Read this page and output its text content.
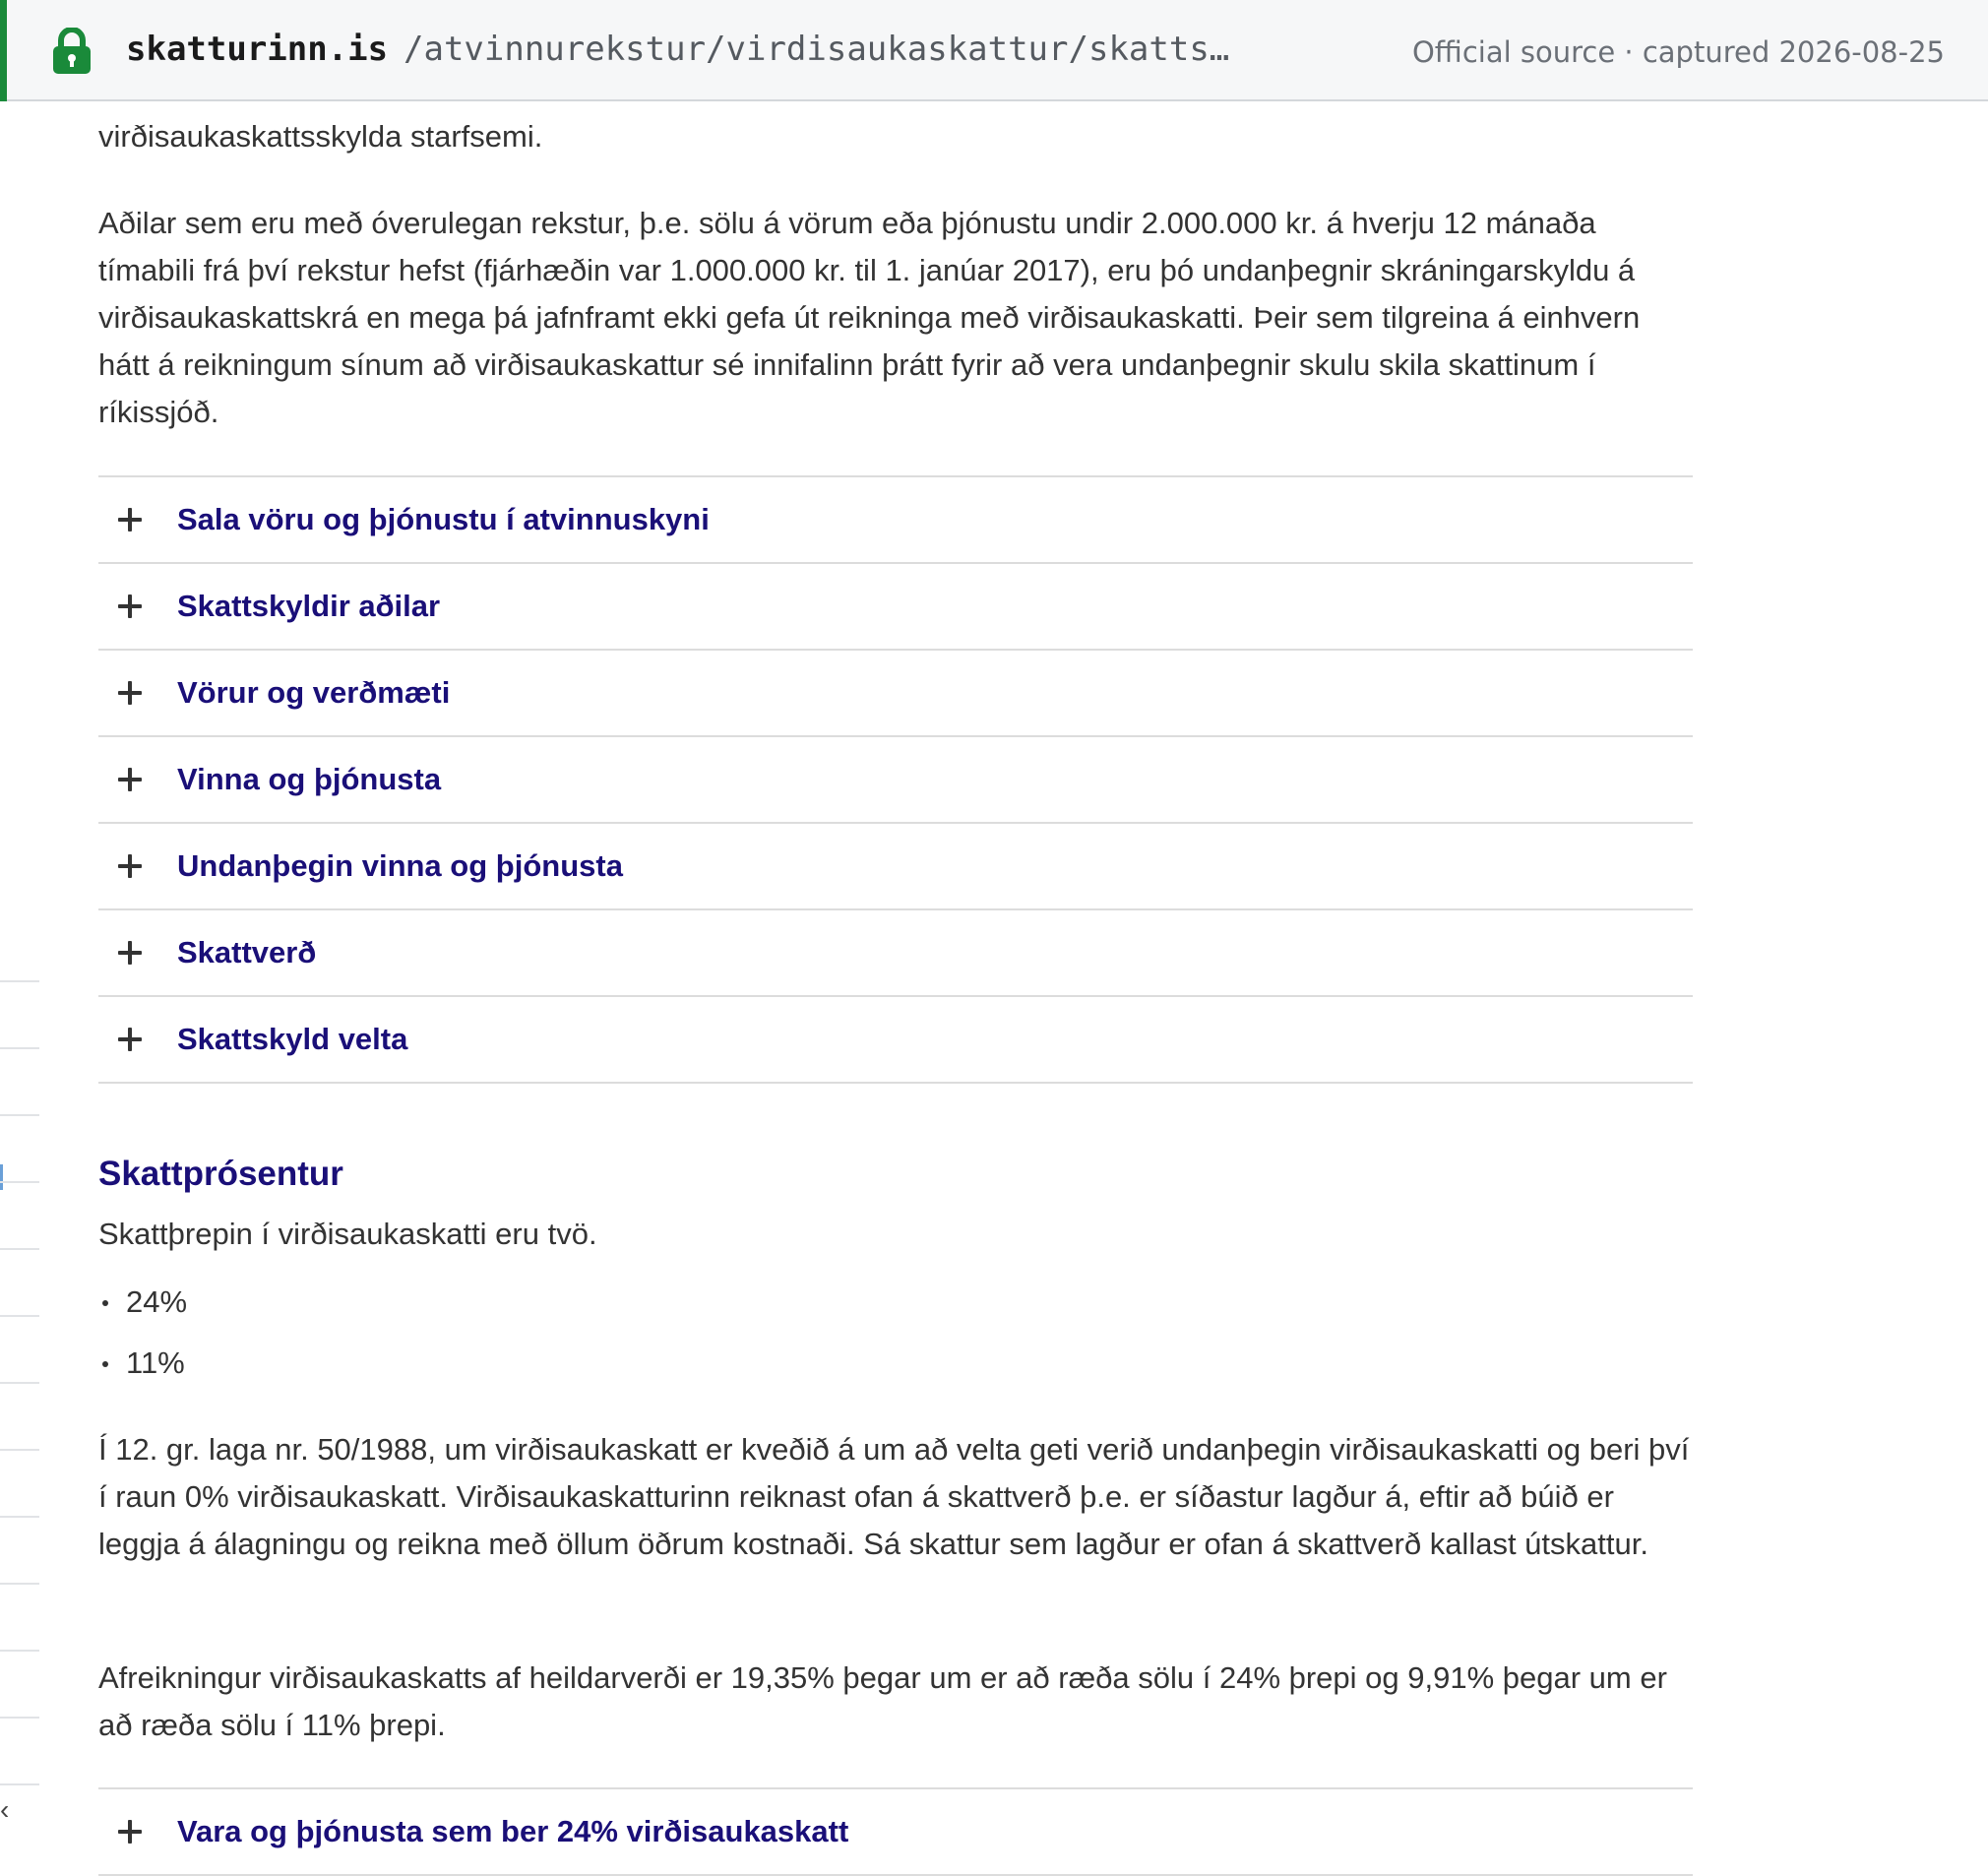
skatturinn.is /atvinnurekstur/virdisaukaskattur/skatts…	Official source · captured 2026-08-25
‹

virðisaukaskattsskylda starfsemi.

Aðilar sem eru með óverulegan rekstur, þ.e. sölu á vörum eða þjónustu undir 2.000.000 kr. á hverju 12 mánaða tímabili frá því rekstur hefst (fjárhæðin var 1.000.000 kr. til 1. janúar 2017), eru þó undanþegnir skráningarskyldu á virðisaukaskattskrá en mega þá jafnframt ekki gefa út reikninga með virðisaukaskatti. Þeir sem tilgreina á einhvern hátt á reikningum sínum að virðisaukaskattur sé innifalinn þrátt fyrir að vera undanþegnir skulu skila skattinum í ríkissjóð.

Sala vöru og þjónustu í atvinnuskyni
Skattskyldir aðilar
Vörur og verðmæti
Vinna og þjónusta
Undanþegin vinna og þjónusta
Skattverð
Skattskyld velta
Skattprósentur

Skattþrepin í virðisaukaskatti eru tvö.

24%
11%

Í 12. gr. laga nr. 50/1988, um virðisaukaskatt er kveðið á um að velta geti verið undanþegin virðisaukaskatti og beri því í raun 0% virðisaukaskatt. Virðisaukaskatturinn reiknast ofan á skattverð þ.e. er síðastur lagður á, eftir að búið er leggja á álagningu og reikna með öllum öðrum kostnaði. Sá skattur sem lagður er ofan á skattverð kallast útskattur.

Afreikningur virðisaukaskatts af heildarverði er 19,35% þegar um er að ræða sölu í 24% þrepi og 9,91% þegar um er að ræða sölu í 11% þrepi.

Vara og þjónusta sem ber 24% virðisaukaskatt
